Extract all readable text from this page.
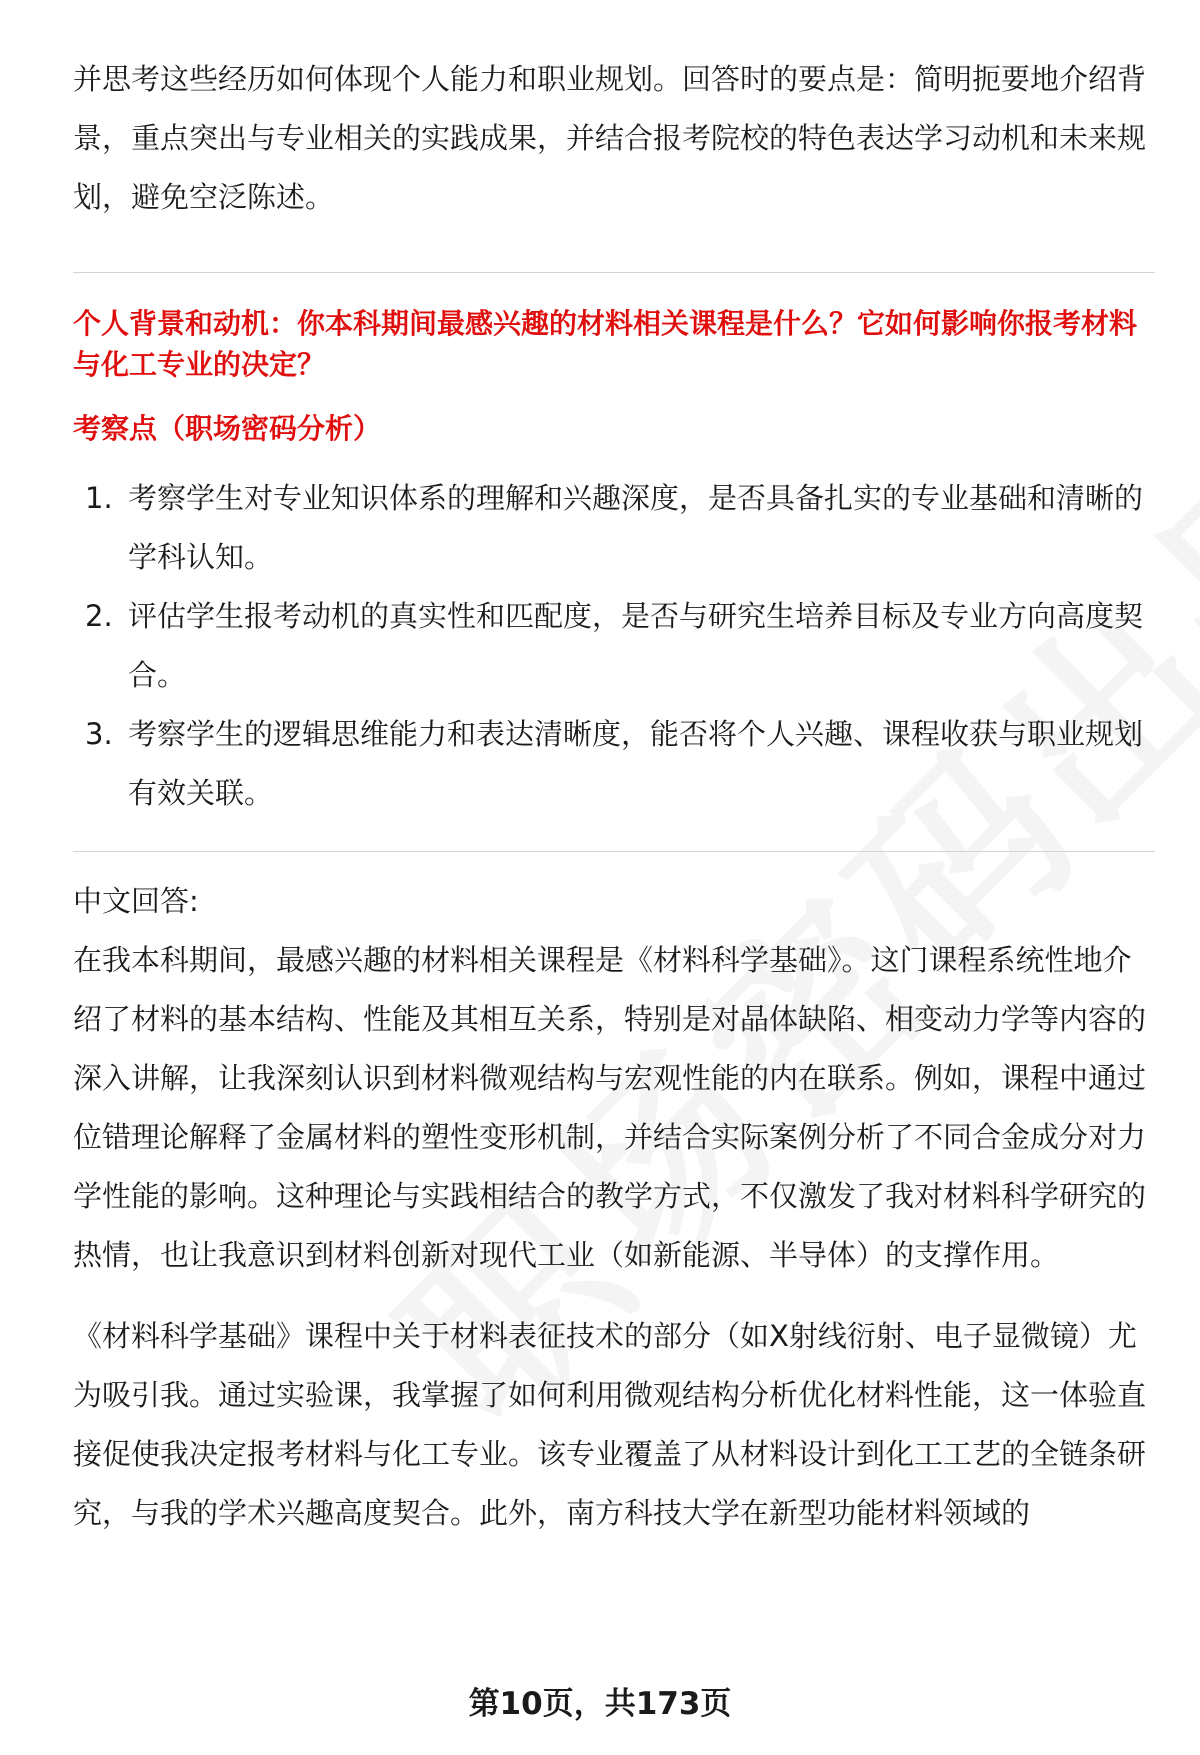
并思考这些经历如何体现个人能力和职业规划。回答时的要点是：简明扼要地介绍背景，重点突出与专业相关的实践成果，并结合报考院校的特色表达学习动机和未来规划，避免空泛陈述。

个人背景和动机：你本科期间最感兴趣的材料相关课程是什么？它如何影响你报考材料与化工专业的决定？

考察点（职场密码分析）

1. 考察学生对专业知识体系的理解和兴趣深度，是否具备扎实的专业基础和清晰的学科认知。
2. 评估学生报考动机的真实性和匹配度，是否与研究生培养目标及专业方向高度契合。
3. 考察学生的逻辑思维能力和表达清晰度，能否将个人兴趣、课程收获与职业规划有效关联。

中文回答:

在我本科期间，最感兴趣的材料相关课程是《材料科学基础》。这门课程系统性地介绍了材料的基本结构、性能及其相互关系，特别是对晶体缺陷、相变动力学等内容的深入讲解，让我深刻认识到材料微观结构与宏观性能的内在联系。例如，课程中通过位错理论解释了金属材料的塑性变形机制，并结合实际案例分析了不同合金成分对力学性能的影响。这种理论与实践相结合的教学方式，不仅激发了我对材料科学研究的热情，也让我意识到材料创新对现代工业（如新能源、半导体）的支撑作用。

《材料科学基础》课程中关于材料表征技术的部分（如X射线衍射、电子显微镜）尤为吸引我。通过实验课，我掌握了如何利用微观结构分析优化材料性能，这一体验直接促使我决定报考材料与化工专业。该专业覆盖了从材料设计到化工工艺的全链条研究，与我的学术兴趣高度契合。此外，南方科技大学在新型功能材料领域的

第10页，共173页
